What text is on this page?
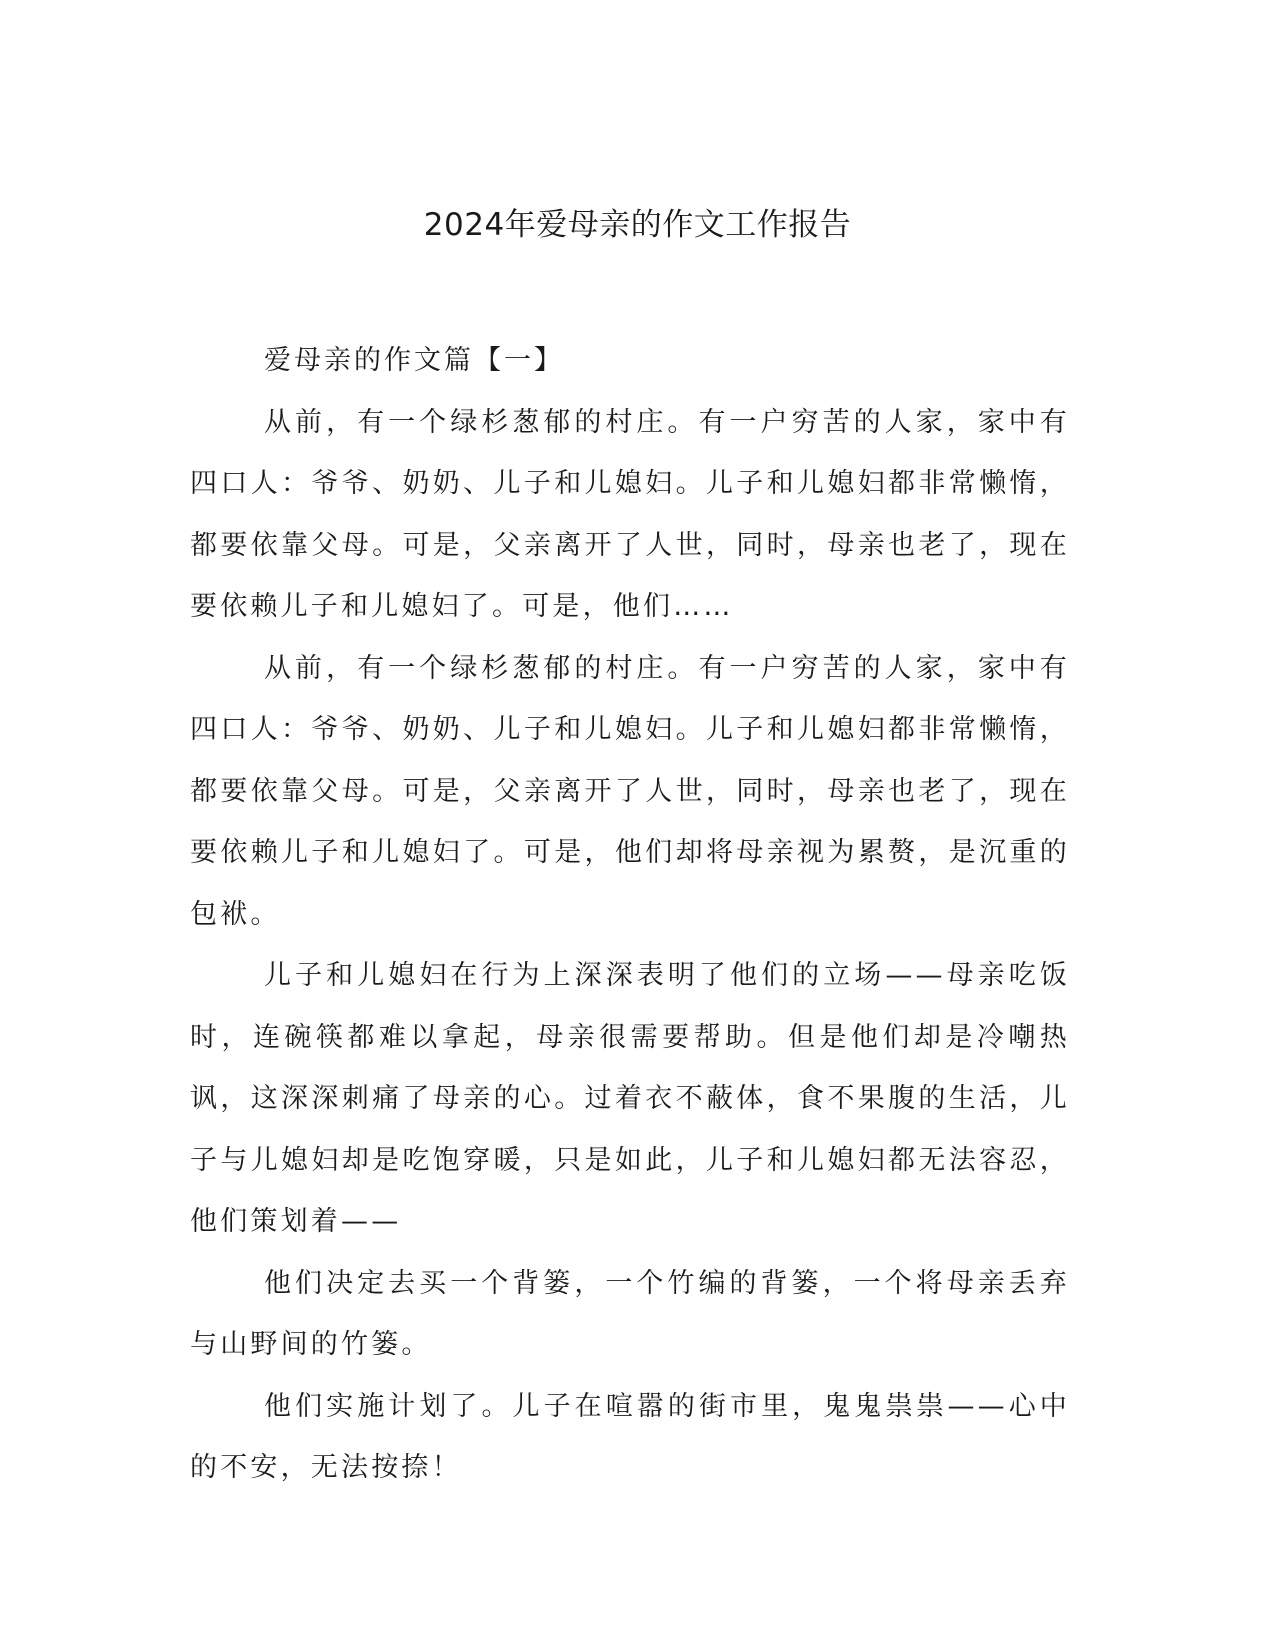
2024年爱母亲的作文工作报告

爱母亲的作文篇【一】

从前，有一个绿杉葱郁的村庄。有一户穷苦的人家，家中有四口人：爷爷、奶奶、儿子和儿媳妇。儿子和儿媳妇都非常懒惰，都要依靠父母。可是，父亲离开了人世，同时，母亲也老了，现在要依赖儿子和儿媳妇了。可是，他们……

从前，有一个绿杉葱郁的村庄。有一户穷苦的人家，家中有四口人：爷爷、奶奶、儿子和儿媳妇。儿子和儿媳妇都非常懒惰，都要依靠父母。可是，父亲离开了人世，同时，母亲也老了，现在要依赖儿子和儿媳妇了。可是，他们却将母亲视为累赘，是沉重的包袱。

儿子和儿媳妇在行为上深深表明了他们的立场——母亲吃饭时，连碗筷都难以拿起，母亲很需要帮助。但是他们却是冷嘲热讽，这深深刺痛了母亲的心。过着衣不蔽体，食不果腹的生活，儿子与儿媳妇却是吃饱穿暖，只是如此，儿子和儿媳妇都无法容忍，他们策划着——

他们决定去买一个背篓，一个竹编的背篓，一个将母亲丢弃与山野间的竹篓。

他们实施计划了。儿子在喧嚣的街市里，鬼鬼祟祟——心中的不安，无法按捺！
